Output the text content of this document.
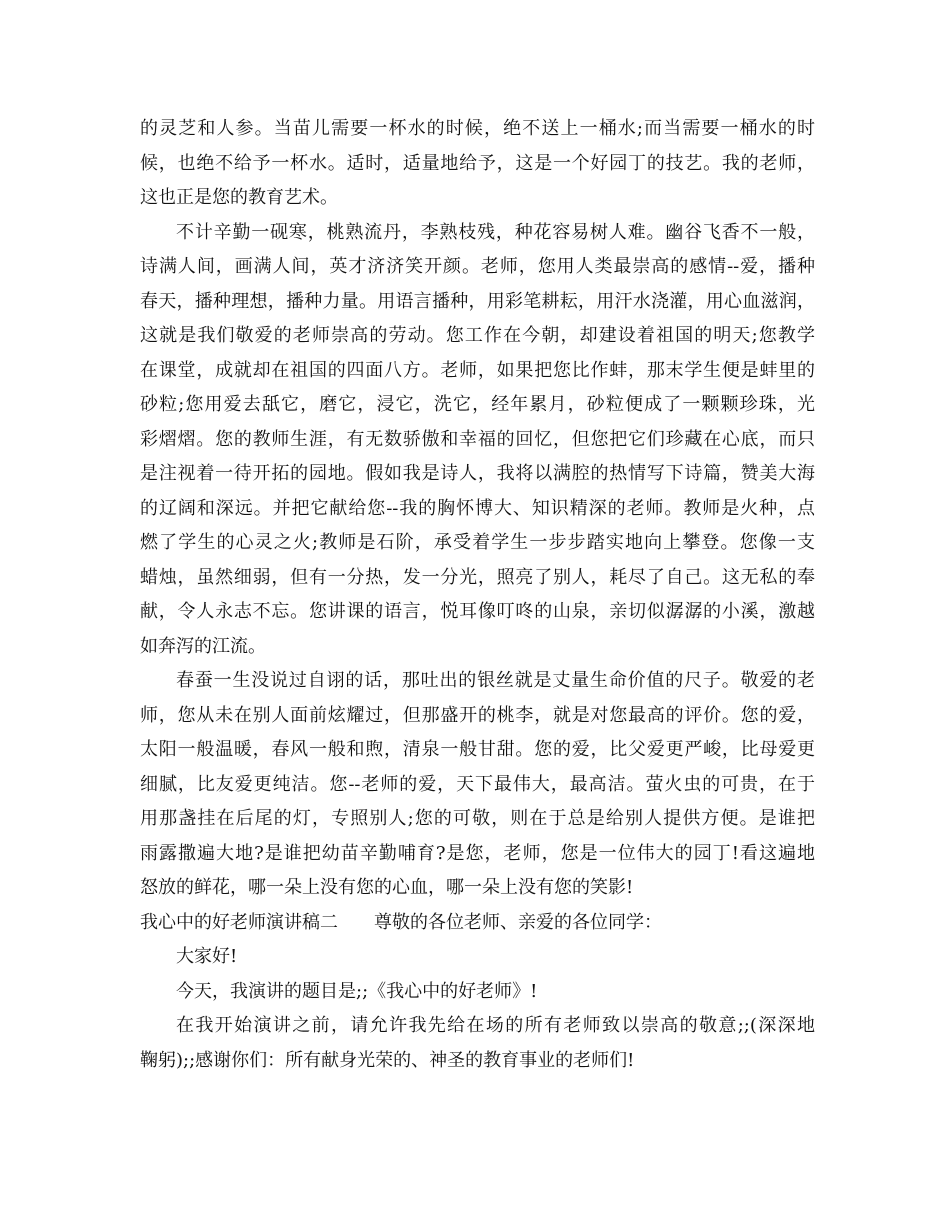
的灵芝和人参。当苗儿需要一杯水的时候，绝不送上一桶水;而当需要一桶水的时
候，也绝不给予一杯水。适时，适量地给予，这是一个好园丁的技艺。我的老师，
这也正是您的教育艺术。
不计辛勤一砚寒，桃熟流丹，李熟枝残，种花容易树人难。幽谷飞香不一般，
诗满人间，画满人间，英才济济笑开颜。老师，您用人类最崇高的感情--爱，播种
春天，播种理想，播种力量。用语言播种，用彩笔耕耘，用汗水浇灌，用心血滋润，
这就是我们敬爱的老师崇高的劳动。您工作在今朝，却建设着祖国的明天;您教学
在课堂，成就却在祖国的四面八方。老师，如果把您比作蚌，那末学生便是蚌里的
砂粒;您用爱去舐它，磨它，浸它，洗它，经年累月，砂粒便成了一颗颗珍珠，光
彩熠熠。您的教师生涯，有无数骄傲和幸福的回忆，但您把它们珍藏在心底，而只
是注视着一待开拓的园地。假如我是诗人，我将以满腔的热情写下诗篇，赞美大海
的辽阔和深远。并把它献给您--我的胸怀博大、知识精深的老师。教师是火种，点
燃了学生的心灵之火;教师是石阶，承受着学生一步步踏实地向上攀登。您像一支
蜡烛，虽然细弱，但有一分热，发一分光，照亮了别人，耗尽了自己。这无私的奉
献，令人永志不忘。您讲课的语言，悦耳像叮咚的山泉，亲切似潺潺的小溪，激越
如奔泻的江流。
春蚕一生没说过自诩的话，那吐出的银丝就是丈量生命价值的尺子。敬爱的老
师，您从未在别人面前炫耀过，但那盛开的桃李，就是对您最高的评价。您的爱，
太阳一般温暖，春风一般和煦，清泉一般甘甜。您的爱，比父爱更严峻，比母爱更
细腻，比友爱更纯洁。您--老师的爱，天下最伟大，最高洁。萤火虫的可贵，在于
用那盏挂在后尾的灯，专照别人;您的可敬，则在于总是给别人提供方便。是谁把
雨露撒遍大地?是谁把幼苗辛勤哺育?是您，老师，您是一位伟大的园丁!看这遍地
怒放的鲜花，哪一朵上没有您的心血，哪一朵上没有您的笑影!
我心中的好老师演讲稿二　　尊敬的各位老师、亲爱的各位同学：
大家好!
今天，我演讲的题目是;;《我心中的好老师》!
在我开始演讲之前，请允许我先给在场的所有老师致以崇高的敬意;;(深深地
鞠躬);;感谢你们：所有献身光荣的、神圣的教育事业的老师们!
